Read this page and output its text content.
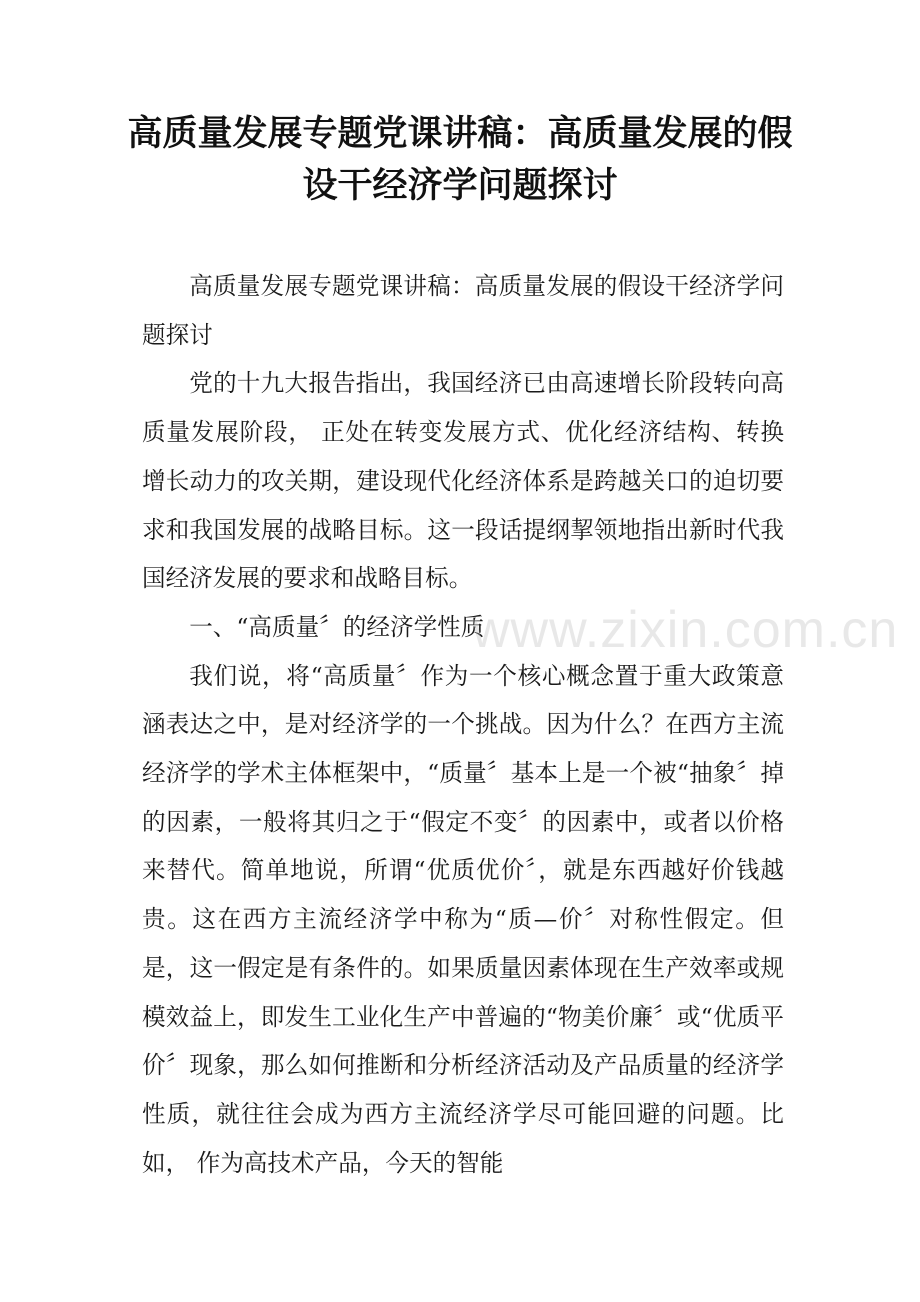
高质量发展专题党课讲稿：高质量发展的假设干经济学问题探讨

高质量发展专题党课讲稿：高质量发展的假设干经济学问题探讨

党的十九大报告指出，我国经济已由高速增长阶段转向高质量发展阶段， 正处在转变发展方式、优化经济结构、转换增长动力的攻关期，建设现代化经济体系是跨越关口的迫切要求和我国发展的战略目标。这一段话提纲挈领地指出新时代我国经济发展的要求和战略目标。

一、“高质量〞的经济学性质

我们说，将“高质量〞作为一个核心概念置于重大政策意涵表达之中，是对经济学的一个挑战。因为什么？在西方主流经济学的学术主体框架中，“质量〞基本上是一个被“抽象〞掉的因素，一般将其归之于“假定不变〞的因素中，或者以价格来替代。简单地说，所谓“优质优价〞，就是东西越好价钱越贵。这在西方主流经济学中称为“质—价〞对称性假定。但是，这一假定是有条件的。如果质量因素体现在生产效率或规模效益上，即发生工业化生产中普遍的“物美价廉〞或“优质平价〞现象，那么如何推断和分析经济活动及产品质量的经济学性质，就往往会成为西方主流经济学尽可能回避的问题。比如， 作为高技术产品，今天的智能

www.zixin.com.cn
